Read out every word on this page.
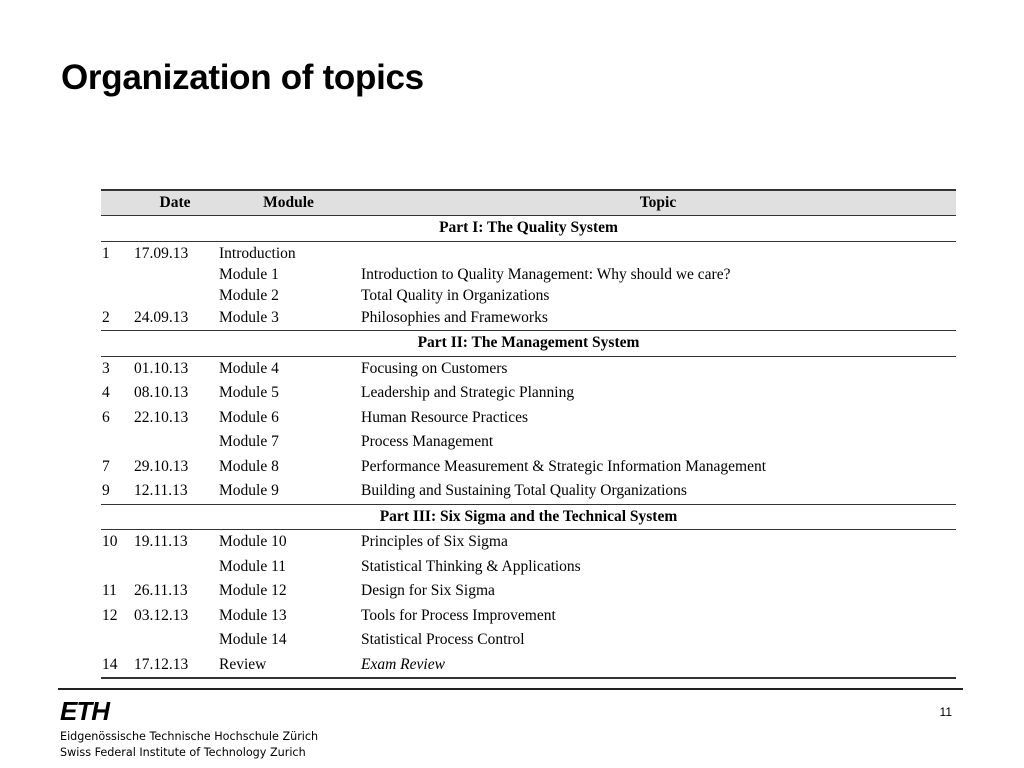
Organization of topics
	Date	Module	Topic
Part I: The Quality System			
1	17.09.13	Introduction	
		Module 1	Introduction to Quality Management: Why should we care?
		Module 2	Total Quality in Organizations
2	24.09.13	Module 3	Philosophies and Frameworks
Part II: The Management System			
3	01.10.13	Module 4	Focusing on Customers
4	08.10.13	Module 5	Leadership and Strategic Planning
6	22.10.13	Module 6	Human Resource Practices
		Module 7	Process Management
7	29.10.13	Module 8	Performance Measurement & Strategic Information Management
9	12.11.13	Module 9	Building and Sustaining Total Quality Organizations
Part III: Six Sigma and the Technical System			
10	19.11.13	Module 10	Principles of Six Sigma
		Module 11	Statistical Thinking & Applications
11	26.11.13	Module 12	Design for Six Sigma
12	03.12.13	Module 13	Tools for Process Improvement
		Module 14	Statistical Process Control
14	17.12.13	Review	Exam Review
11
ETH
Eidgenössische Technische Hochschule Zürich
Swiss Federal Institute of Technology Zurich
